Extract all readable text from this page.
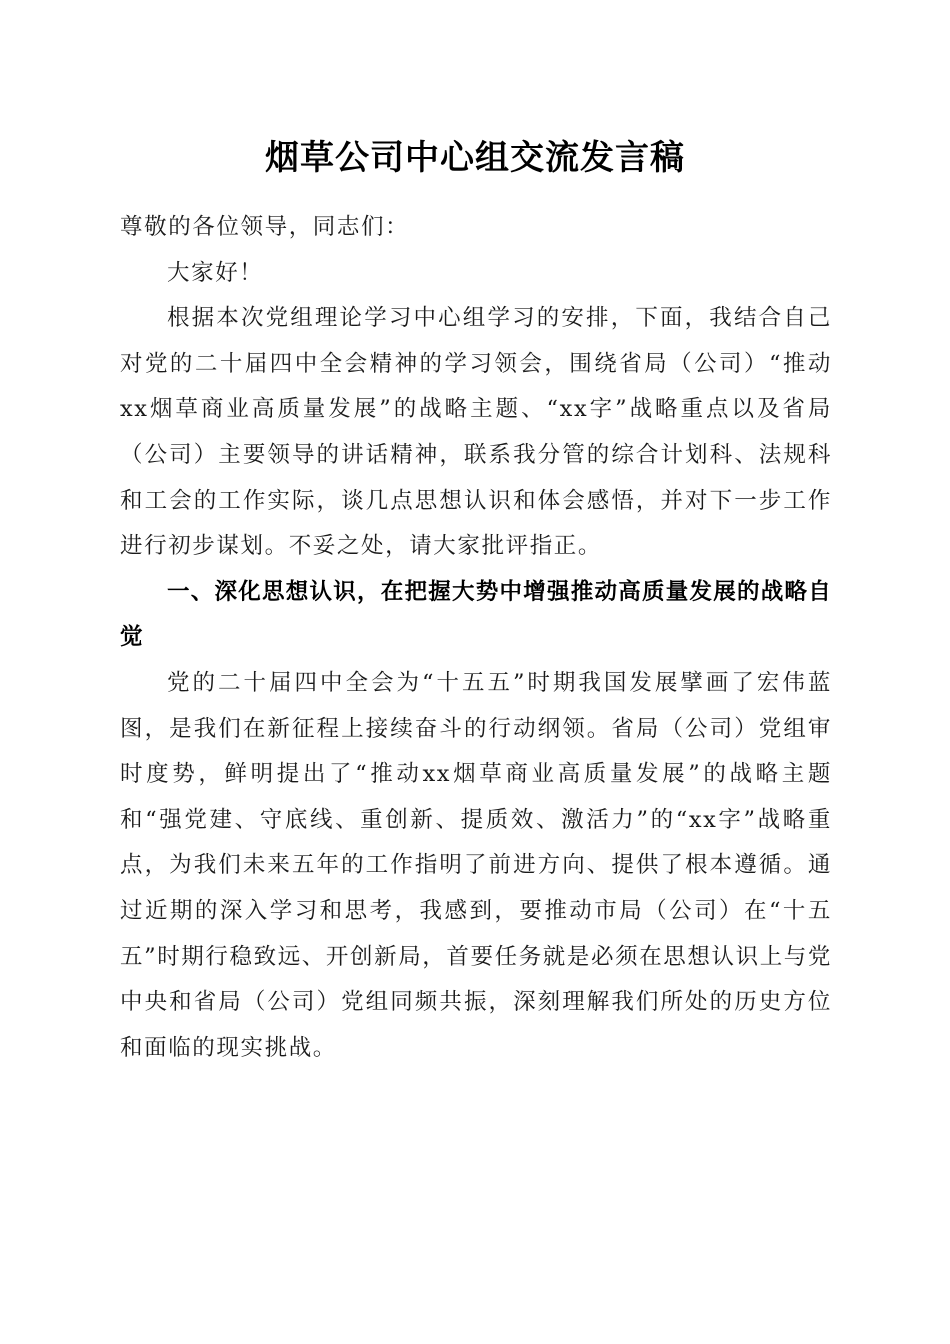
烟草公司中心组交流发言稿

尊敬的各位领导，同志们：

大家好！

根据本次党组理论学习中心组学习的安排，下面，我结合自己对党的二十届四中全会精神的学习领会，围绕省局（公司）“推动xx烟草商业高质量发展”的战略主题、“xx字”战略重点以及省局（公司）主要领导的讲话精神，联系我分管的综合计划科、法规科和工会的工作实际，谈几点思想认识和体会感悟，并对下一步工作进行初步谋划。不妥之处，请大家批评指正。

一、深化思想认识，在把握大势中增强推动高质量发展的战略自觉

党的二十届四中全会为“十五五”时期我国发展擘画了宏伟蓝图，是我们在新征程上接续奋斗的行动纲领。省局（公司）党组审时度势，鲜明提出了“推动xx烟草商业高质量发展”的战略主题和“强党建、守底线、重创新、提质效、激活力”的“xx字”战略重点，为我们未来五年的工作指明了前进方向、提供了根本遵循。通过近期的深入学习和思考，我感到，要推动市局（公司）在“十五五”时期行稳致远、开创新局，首要任务就是必须在思想认识上与党中央和省局（公司）党组同频共振，深刻理解我们所处的历史方位和面临的现实挑战。
